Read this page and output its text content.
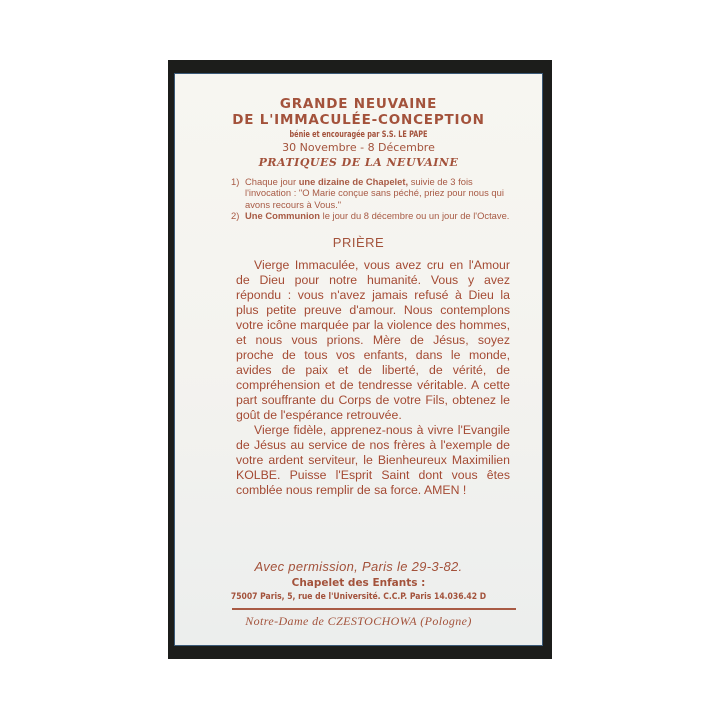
GRANDE NEUVAINE
DE L'IMMACULÉE-CONCEPTION
bénie et encouragée par S.S. LE PAPE
30 Novembre - 8 Décembre
PRATIQUES DE LA NEUVAINE
1) Chaque jour une dizaine de Chapelet, suivie de 3 fois l'invocation : "O Marie conçue sans péché, priez pour nous qui avons recours à Vous."
2) Une Communion le jour du 8 décembre ou un jour de l'Octave.
PRIÈRE

Vierge Immaculée, vous avez cru en l'Amour de Dieu pour notre humanité. Vous y avez répondu : vous n'avez jamais refusé à Dieu la plus petite preuve d'amour. Nous contemplons votre icône marquée par la violence des hommes, et nous vous prions. Mère de Jésus, soyez proche de tous vos enfants, dans le monde, avides de paix et de liberté, de vérité, de compréhension et de tendresse véritable. A cette part souffrante du Corps de votre Fils, obtenez le goût de l'espérance retrouvée.

Vierge fidèle, apprenez-nous à vivre l'Evangile de Jésus au service de nos frères à l'exemple de votre ardent serviteur, le Bienheureux Maximilien KOLBE. Puisse l'Esprit Saint dont vous êtes comblée nous remplir de sa force. AMEN !

Avec permission, Paris le 29-3-82.
Chapelet des Enfants :
75007 Paris, 5, rue de l'Université. C.C.P. Paris 14.036.42 D
Notre-Dame de CZESTOCHOWA (Pologne)
